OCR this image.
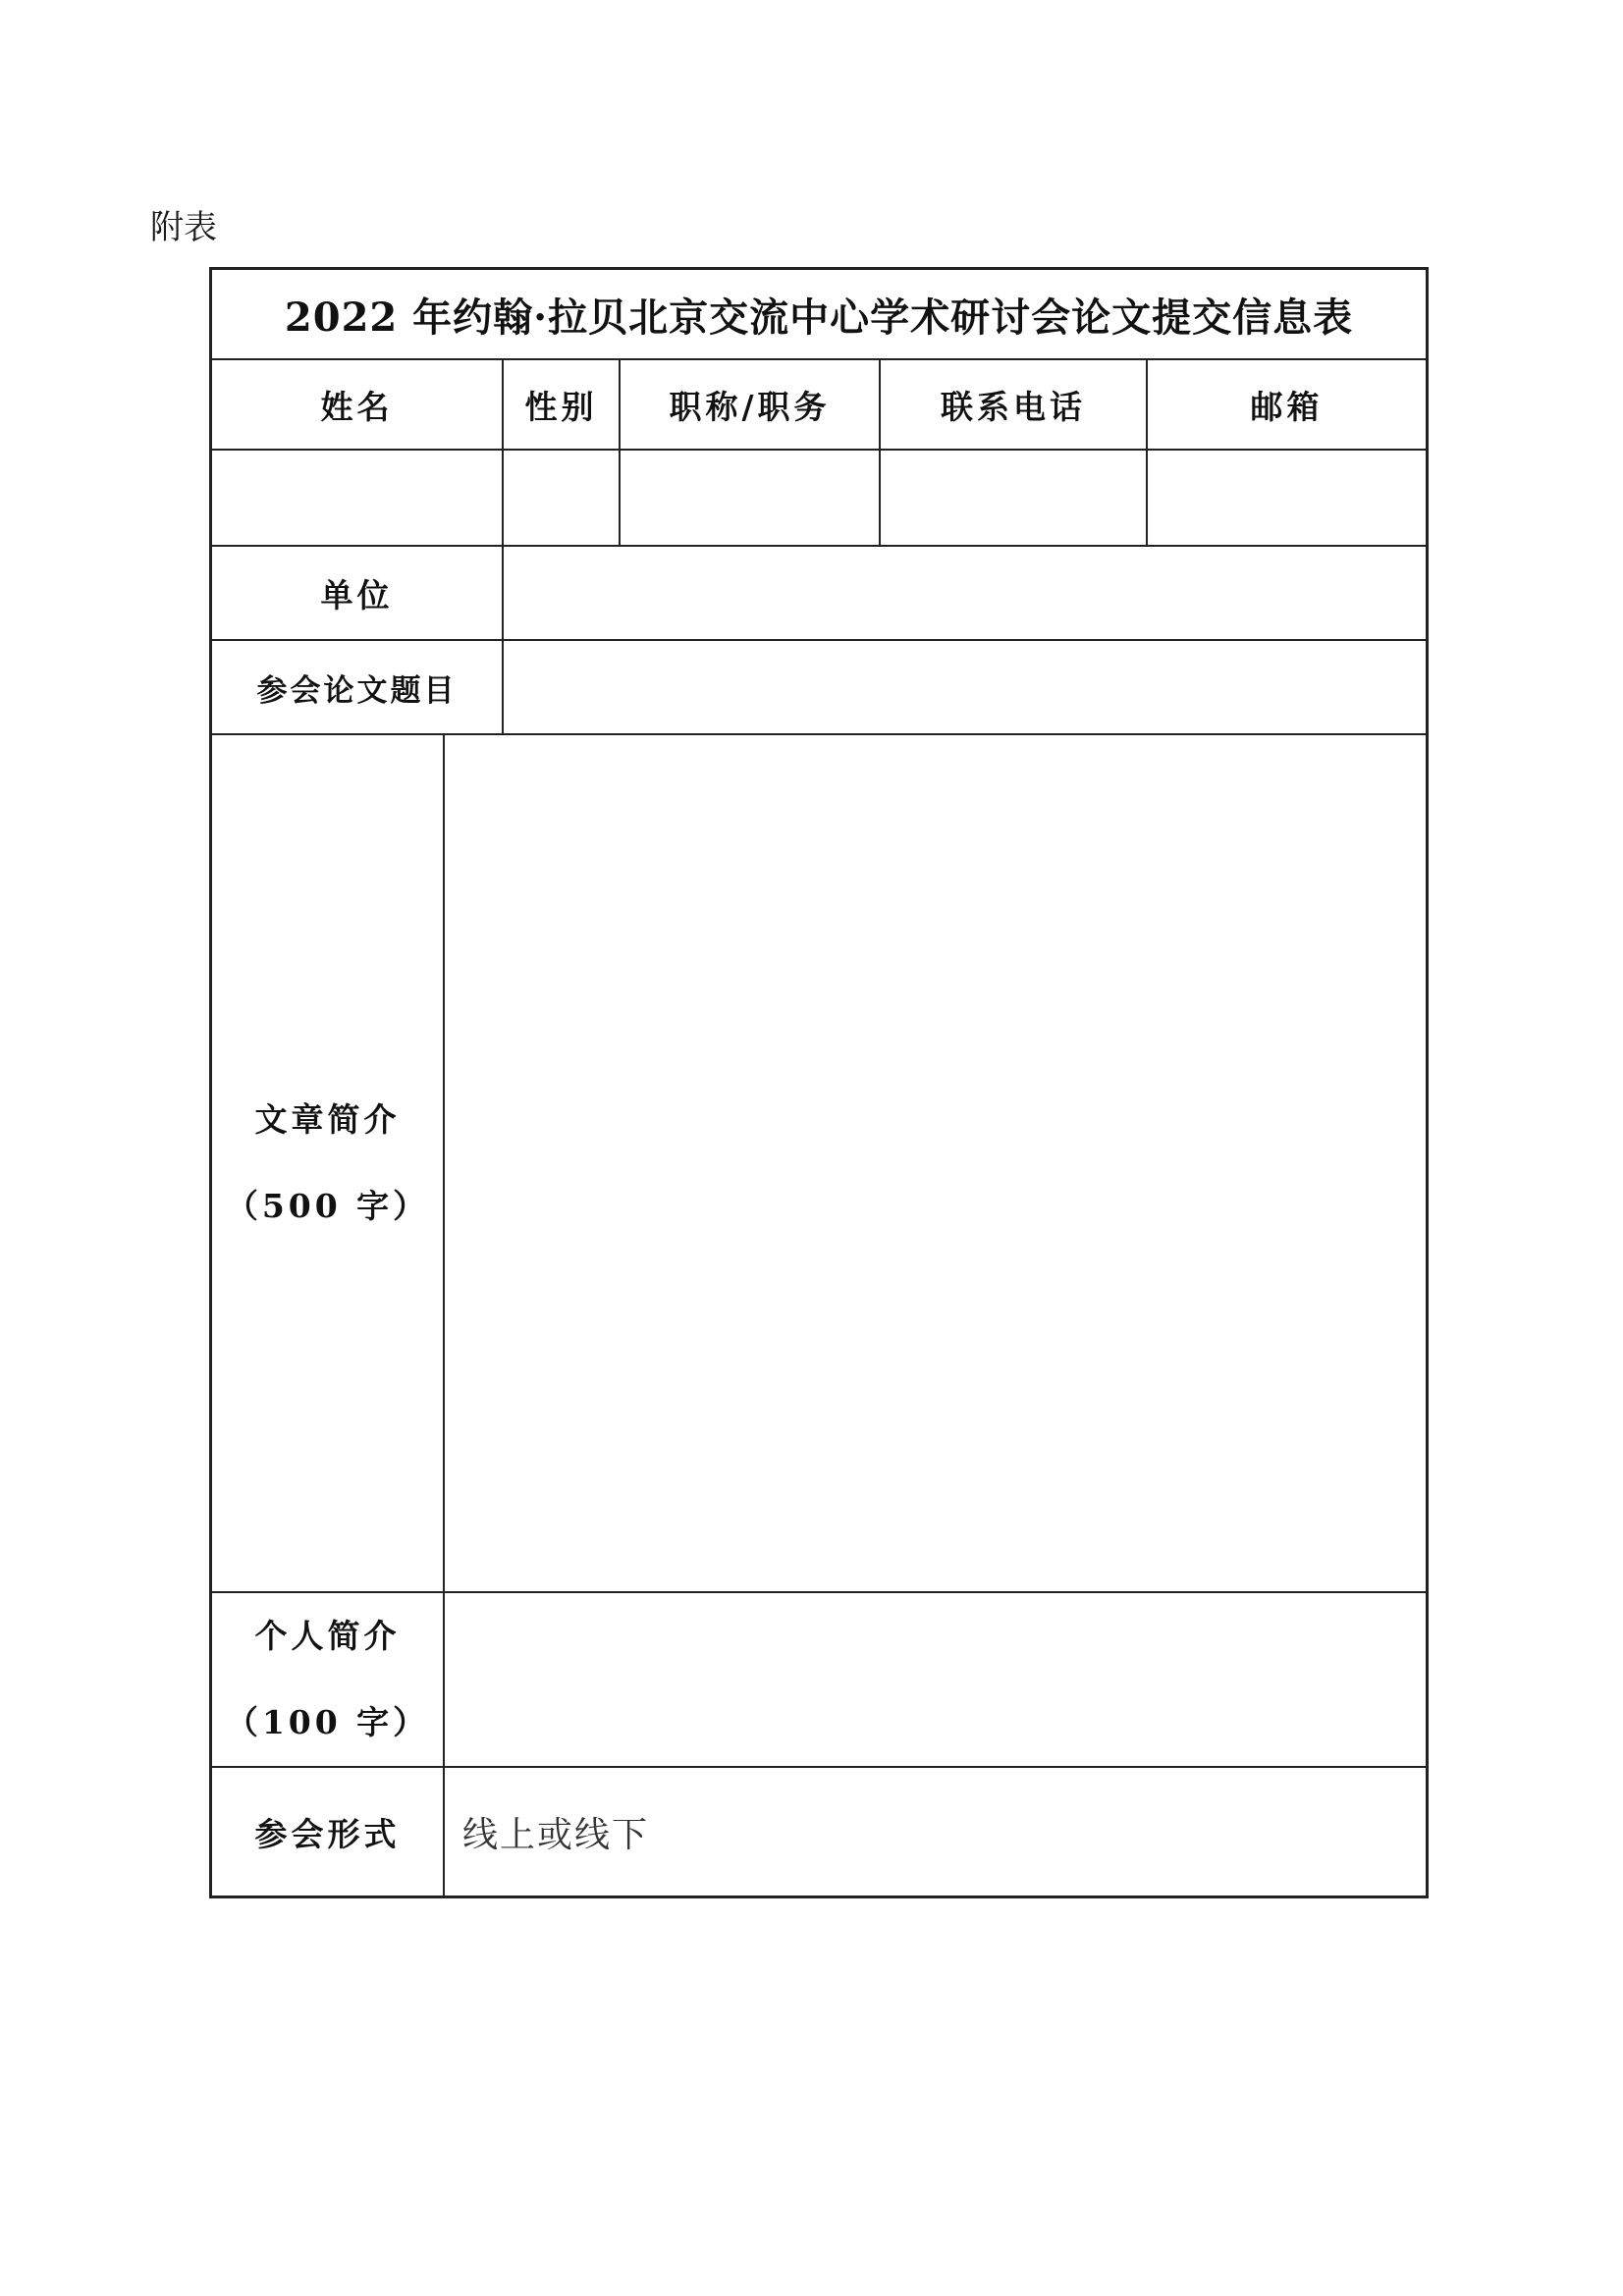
附表
2022 年约翰·拉贝北京交流中心学术研讨会论文提交信息表
姓名	性别 职称/职务	联系电话	邮箱
单位
参会论文题目
文章简介
（500 字）
个人简介
（100 字）
参会形式 线上或线下
